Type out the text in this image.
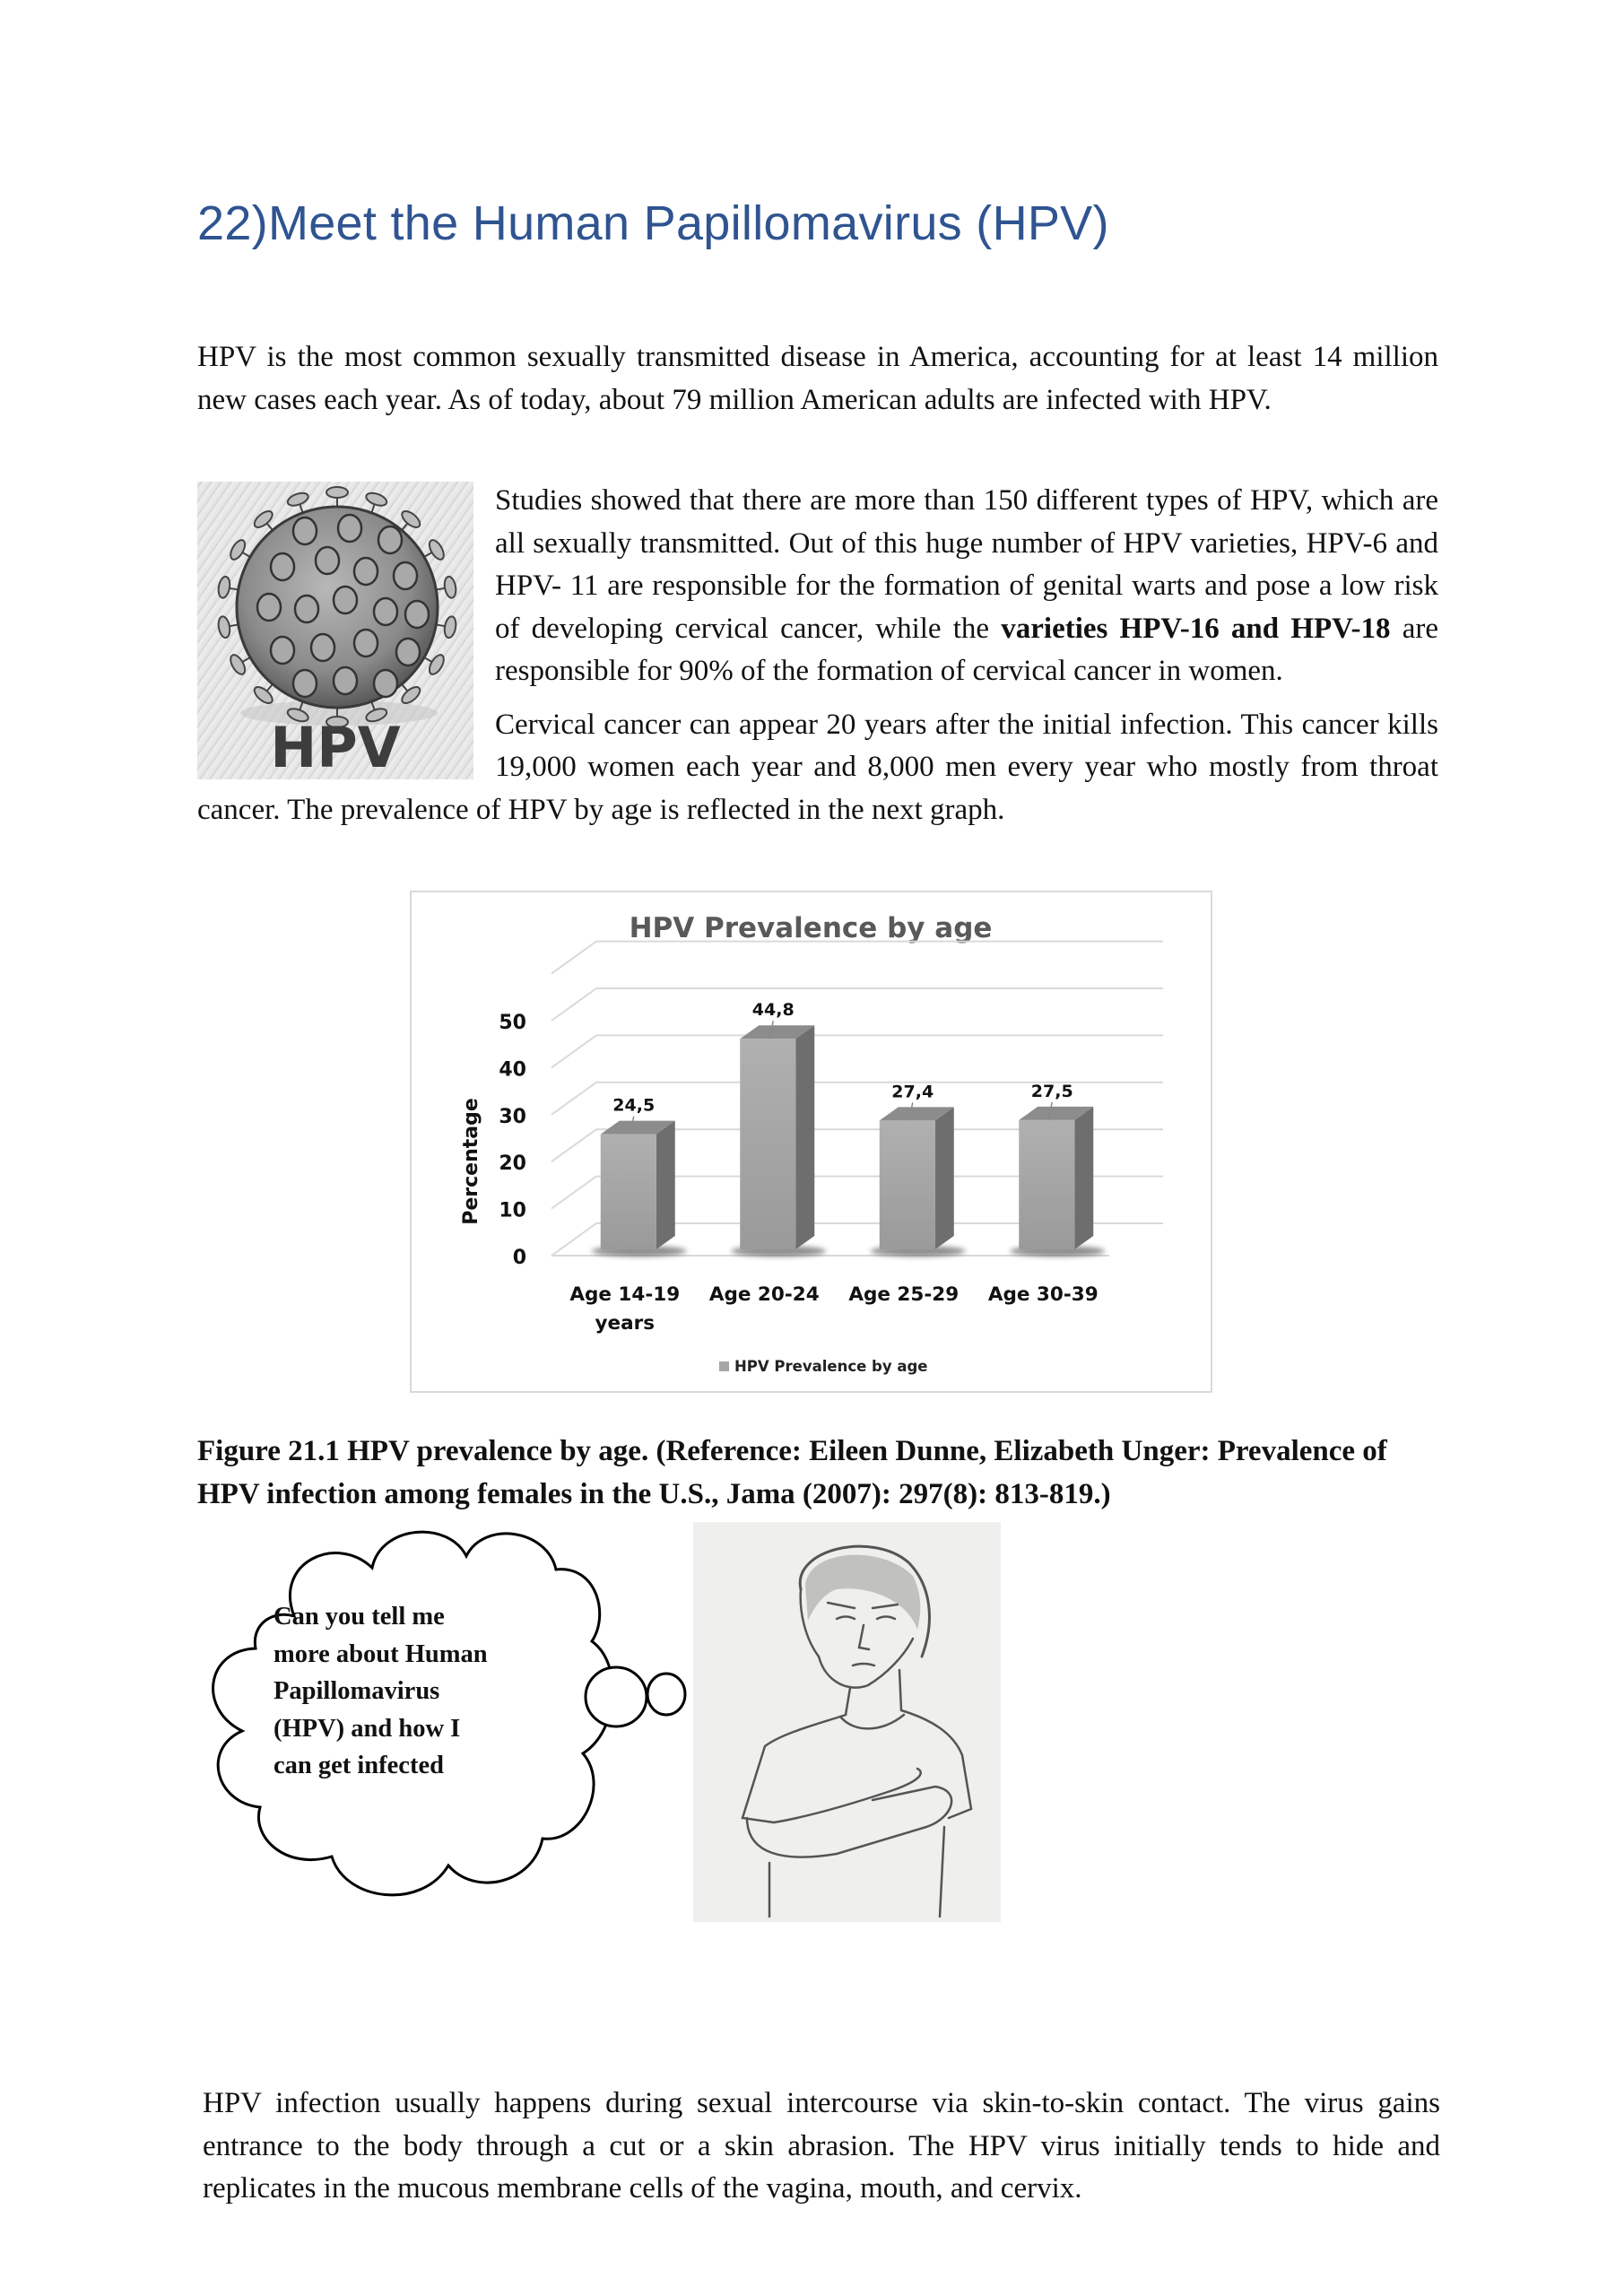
22)Meet the Human Papillomavirus (HPV)

HPV is the most common sexually transmitted disease in America, accounting for at least 14 million new cases each year. As of today, about 79 million American adults are infected with HPV.

HPV

Studies showed that there are more than 150 different types of HPV, which are all sexually transmitted. Out of this huge number of HPV varieties, HPV-6 and HPV- 11 are responsible for the formation of genital warts and pose a low risk of developing cervical cancer, while the varieties HPV-16 and HPV-18 are responsible for 90% of the formation of cervical cancer in women.

Cervical cancer can appear 20 years after the initial infection. This cancer kills 19,000 women each year and 8,000 men every year who mostly from throat cancer. The prevalence of HPV by age is reflected in the next graph.

HPV Prevalence by age
0
10
20
30
40
50
Percentage	24,5
44,8
27,4	27,5
Age 14-19
years
Age 20-24 Age 25-29 Age 30-39
HPV Prevalence by age

Figure 21.1 HPV prevalence by age. (Reference: Eileen Dunne, Elizabeth Unger: Prevalence of HPV infection among females in the U.S., Jama (2007): 297(8): 813-819.)

Can you tell me more about Human Papillomavirus (HPV) and how I can get infected

HPV infection usually happens during sexual intercourse via skin-to-skin contact. The virus gains entrance to the body through a cut or a skin abrasion. The HPV virus initially tends to hide and replicates in the mucous membrane cells of the vagina, mouth, and cervix.
